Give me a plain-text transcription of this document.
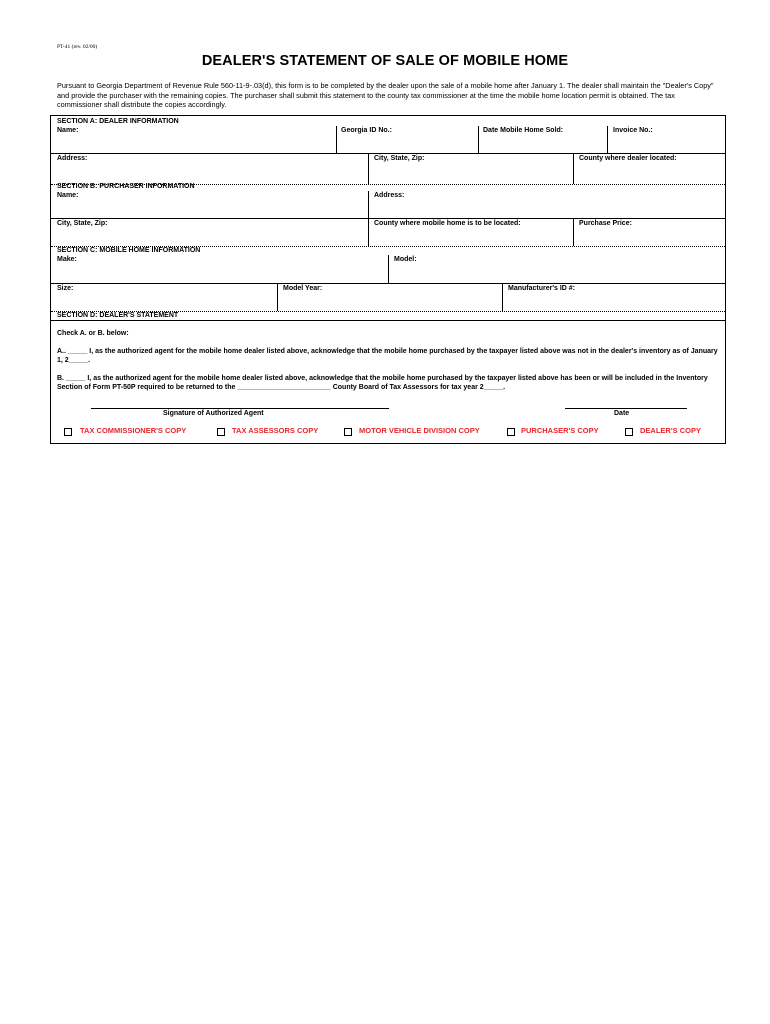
PT-41 (rev. 02/00)
DEALER'S STATEMENT OF SALE OF MOBILE HOME
Pursuant to Georgia Department of Revenue Rule 560-11-9-.03(d), this form is to be completed by the dealer upon the sale of a mobile home after January 1. The dealer shall maintain the "Dealer's Copy" and provide the purchaser with the remaining copies. The purchaser shall submit this statement to the county tax commissioner at the time the mobile home location permit is obtained. The tax commissioner shall distribute the copies accordingly.
SECTION A: DEALER INFORMATION
Name:	Georgia ID No.:	Date Mobile Home Sold:	Invoice No.:
Address:	City, State, Zip:	County where dealer located:
SECTION B: PURCHASER INFORMATION
Name:	Address:
City, State, Zip:	County where mobile home is to be located:	Purchase Price:
SECTION C: MOBILE HOME INFORMATION
Make:	Model:
Size:	Model Year:	Manufacturer's ID #:
SECTION D: DEALER'S STATEMENT
Check A. or B. below:
A.. _____ I, as the authorized agent for the mobile home dealer listed above, acknowledge that the mobile home purchased by the taxpayer listed above was not in the dealer's inventory as of January 1, 2_____.
B. _____ I, as the authorized agent for the mobile home dealer listed above, acknowledge that the mobile home purchased by the taxpayer listed above has been or will be included in the Inventory Section of Form PT-50P required to be returned to the ________________________ County Board of Tax Assessors for tax year 2_____.
Signature of Authorized Agent	Date
TAX COMMISSIONER'S COPY	TAX ASSESSORS COPY	MOTOR VEHICLE DIVISION COPY	PURCHASER'S COPY	DEALER'S COPY
